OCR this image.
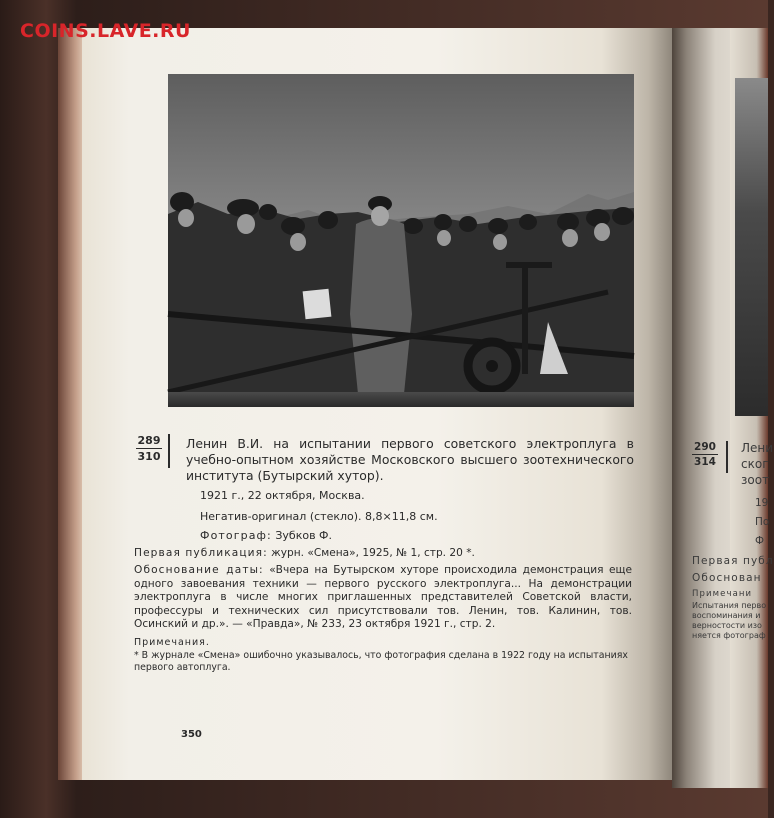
COINS.LAVE.RU
289
310
Ленин В.И. на испытании первого советского электроплуга в учебно-опытном хозяйстве Московского высшего зоотехнического института (Бутырский хутор).
1921 г., 22 октября, Москва.
Негатив-оригинал (стекло). 8,8×11,8 см.
Фотограф: Зубков Ф.
Первая публикация: журн. «Смена», 1925, № 1, стр. 20 *.
Обоснование даты: «Вчера на Бутырском хуторе происходила демонстрация еще одного завоевания техники — первого русского электроплуга... На демонстрации электроплуга в числе многих приглашенных представителей Советской власти, профессуры и технических сил присутствовали тов. Ленин, тов. Калинин, тов. Осинский и др.». — «Правда», № 233, 23 октября 1921 г., стр. 2.
Примечания.
* В журнале «Смена» ошибочно указывалось, что фотография сделана в 1922 году на испытаниях первого автоплуга.
350
290
314
Лени
ског
зоот
19
По
Ф
Первая публ
Обоснован
Примечани
Испытания перво
воспоминания и
верностости изо
няется фотограф
